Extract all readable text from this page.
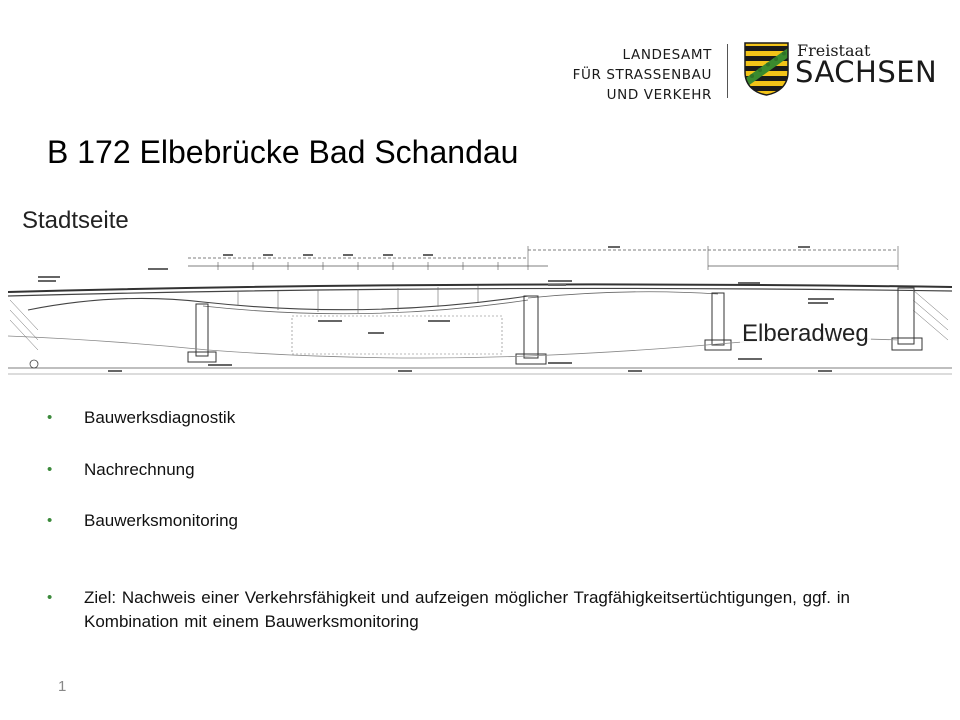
LANDESAMT
FÜR STRASSENBAU
UND VERKEHR
Freistaat
SACHSEN
B 172 Elbebrücke Bad Schandau
Stadtseite
Elberadweg
• Bauwerksdiagnostik
• Nachrechnung
• Bauwerksmonitoring
• Ziel: Nachweis einer Verkehrsfähigkeit und aufzeigen möglicher Tragfähigkeitsertüchtigungen, ggf. in Kombination mit einem Bauwerksmonitoring
1
